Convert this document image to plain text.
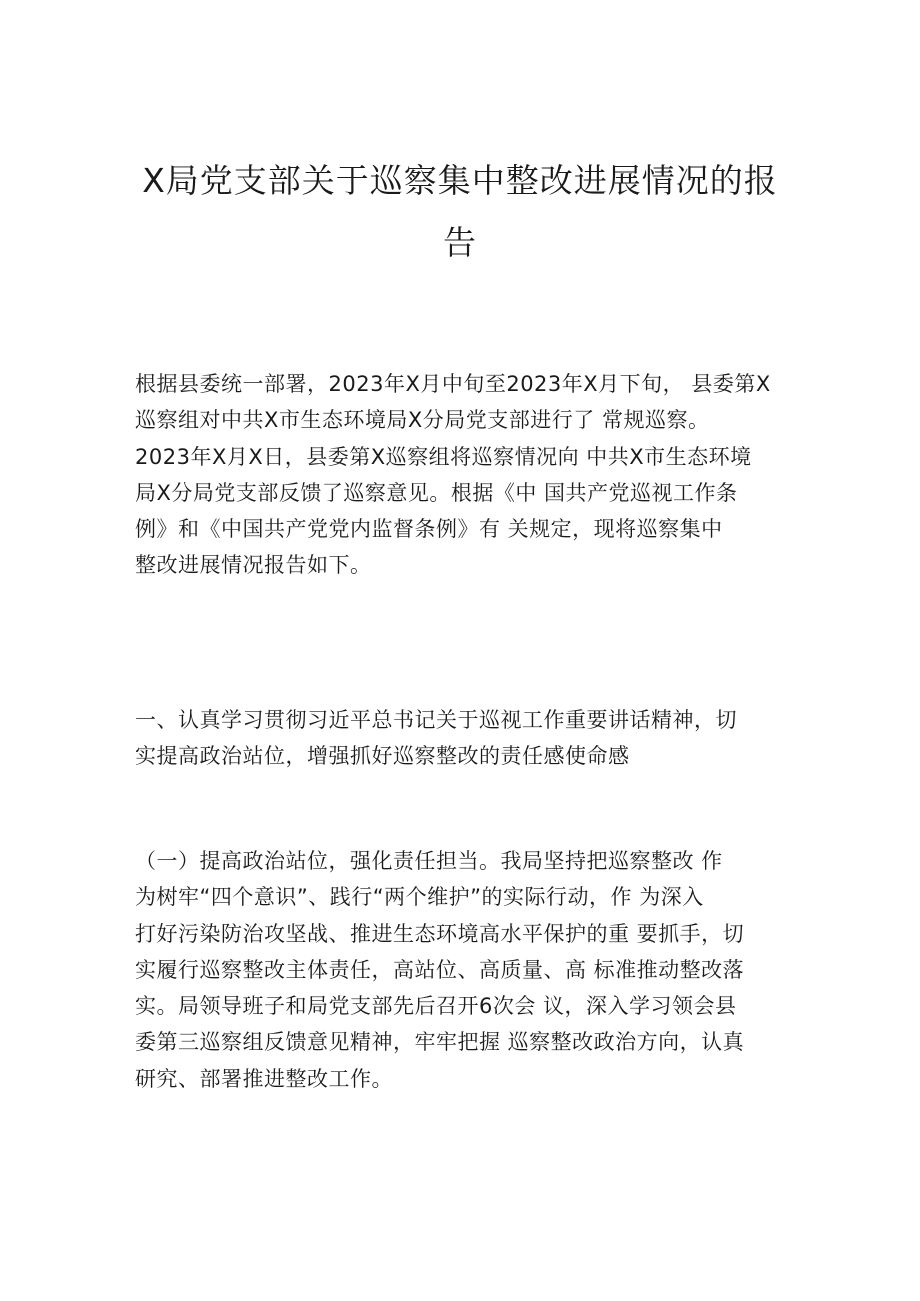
X局党支部关于巡察集中整改进展情况的报
告
根据县委统一部署，2023年X月中旬至2023年X月下旬， 县委第X
巡察组对中共X市生态环境局X分局党支部进行了 常规巡察。
2023年X月X日，县委第X巡察组将巡察情况向 中共X市生态环境
局X分局党支部反馈了巡察意见。根据《中 国共产党巡视工作条
例》和《中国共产党党内监督条例》有 关规定，现将巡察集中
整改进展情况报告如下。
一、认真学习贯彻习近平总书记关于巡视工作重要讲话精神，切
实提高政治站位，增强抓好巡察整改的责任感使命感
（一）提高政治站位，强化责任担当。我局坚持把巡察整改 作
为树牢“四个意识”、践行“两个维护”的实际行动，作 为深入
打好污染防治攻坚战、推进生态环境高水平保护的重 要抓手，切
实履行巡察整改主体责任，高站位、高质量、高 标准推动整改落
实。局领导班子和局党支部先后召开6次会 议，深入学习领会县
委第三巡察组反馈意见精神，牢牢把握 巡察整改政治方向，认真
研究、部署推进整改工作。
